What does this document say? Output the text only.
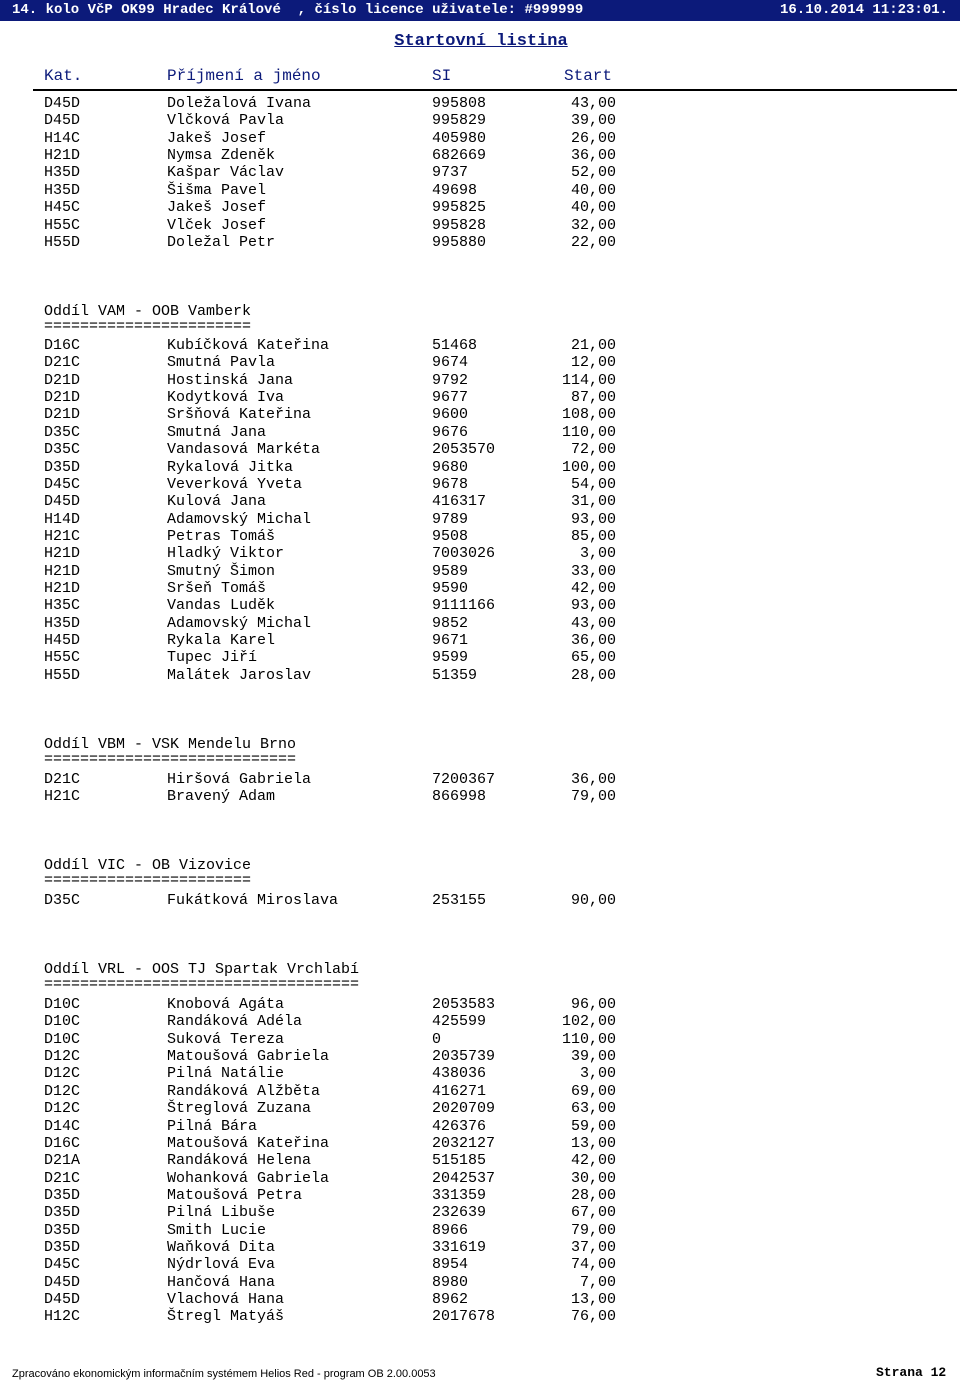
14. kolo VčP OK99 Hradec Králové  , číslo licence uživatele: #999999	16.10.2014 11:23:01.
Startovní listina
Kat.	Příjmení a jméno	SI	Start
D45D	Doležalová Ivana	995808	43,00
D45D	Vlčková Pavla	995829	39,00
H14C	Jakeš Josef	405980	26,00
H21D	Nymsa Zdeněk	682669	36,00
H35D	Kašpar Václav	9737	52,00
H35D	Šišma Pavel	49698	40,00
H45C	Jakeš Josef	995825	40,00
H55C	Vlček Josef	995828	32,00
H55D	Doležal Petr	995880	22,00
Oddíl VAM - OOB Vamberk
=======================
D16C	Kubíčková Kateřina	51468	21,00
D21C	Smutná Pavla	9674	12,00
D21D	Hostinská Jana	9792	114,00
D21D	Kodytková Iva	9677	87,00
D21D	Sršňová Kateřina	9600	108,00
D35C	Smutná Jana	9676	110,00
D35C	Vandasová Markéta	2053570	72,00
D35D	Rykalová Jitka	9680	100,00
D45C	Veverková Yveta	9678	54,00
D45D	Kulová Jana	416317	31,00
H14D	Adamovský Michal	9789	93,00
H21C	Petras Tomáš	9508	85,00
H21D	Hladký Viktor	7003026	3,00
H21D	Smutný Šimon	9589	33,00
H21D	Sršeň Tomáš	9590	42,00
H35C	Vandas Luděk	9111166	93,00
H35D	Adamovský Michal	9852	43,00
H45D	Rykala Karel	9671	36,00
H55C	Tupec Jiří	9599	65,00
H55D	Malátek Jaroslav	51359	28,00
Oddíl VBM - VSK Mendelu Brno
============================
D21C	Hiršová Gabriela	7200367	36,00
H21C	Bravený Adam	866998	79,00
Oddíl VIC - OB Vizovice
=======================
D35C	Fukátková Miroslava	253155	90,00
Oddíl VRL - OOS TJ Spartak Vrchlabí
===================================
D10C	Knobová Agáta	2053583	96,00
D10C	Randáková Adéla	425599	102,00
D10C	Suková Tereza	0	110,00
D12C	Matoušová Gabriela	2035739	39,00
D12C	Pilná Natálie	438036	3,00
D12C	Randáková Alžběta	416271	69,00
D12C	Štreglová Zuzana	2020709	63,00
D14C	Pilná Bára	426376	59,00
D16C	Matoušová Kateřina	2032127	13,00
D21A	Randáková Helena	515185	42,00
D21C	Wohanková Gabriela	2042537	30,00
D35D	Matoušová Petra	331359	28,00
D35D	Pilná Libuše	232639	67,00
D35D	Smith Lucie	8966	79,00
D35D	Waňková Dita	331619	37,00
D45C	Nýdrlová Eva	8954	74,00
D45D	Hančová Hana	8980	7,00
D45D	Vlachová Hana	8962	13,00
H12C	Štregl Matyáš	2017678	76,00
Zpracováno ekonomickým informačním systémem Helios Red - program OB 2.00.0053	Strana 12
